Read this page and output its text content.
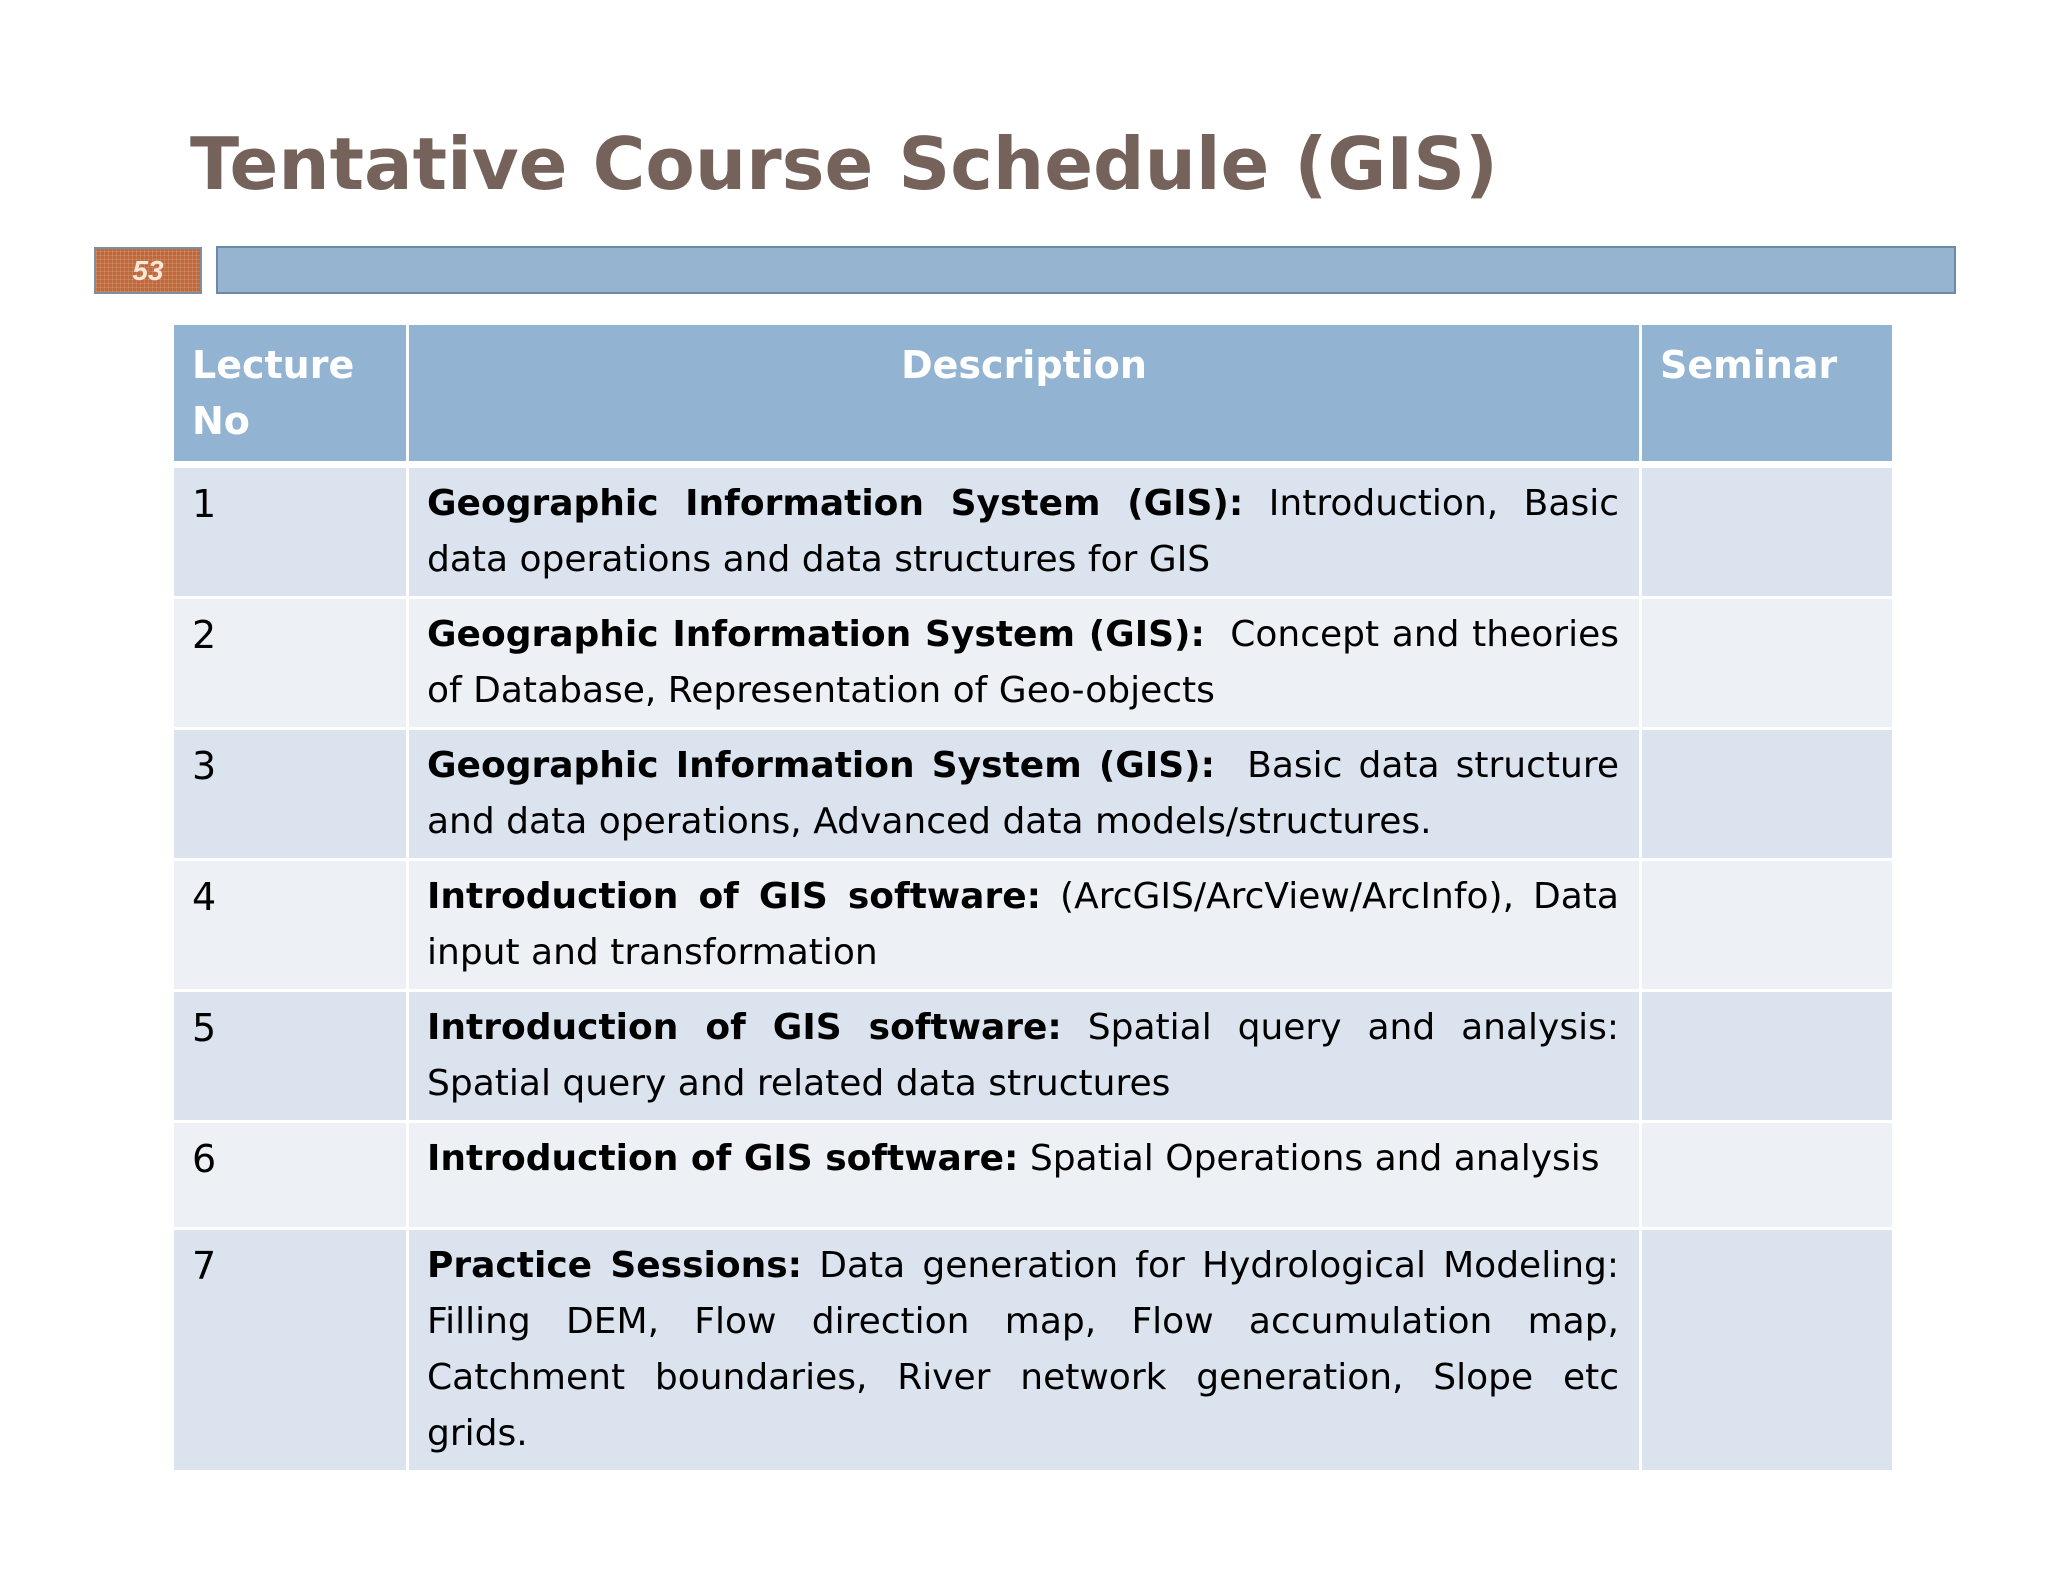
Tentative Course Schedule (GIS)
53
Lecture No	Description	Seminar
1	Geographic Information System (GIS): Introduction, Basic data operations and data structures for GIS	
2	Geographic Information System (GIS): Concept and theories of Database, Representation of Geo-objects	
3	Geographic Information System (GIS): Basic data structure and data operations, Advanced data models/structures.	
4	Introduction of GIS software: (ArcGIS/ArcView/ArcInfo), Data input and transformation	
5	Introduction of GIS software: Spatial query and analysis: Spatial query and related data structures	
6	Introduction of GIS software: Spatial Operations and analysis	
7	Practice Sessions: Data generation for Hydrological Modeling: Filling DEM, Flow direction map, Flow accumulation map, Catchment boundaries, River network generation, Slope etc grids.	
